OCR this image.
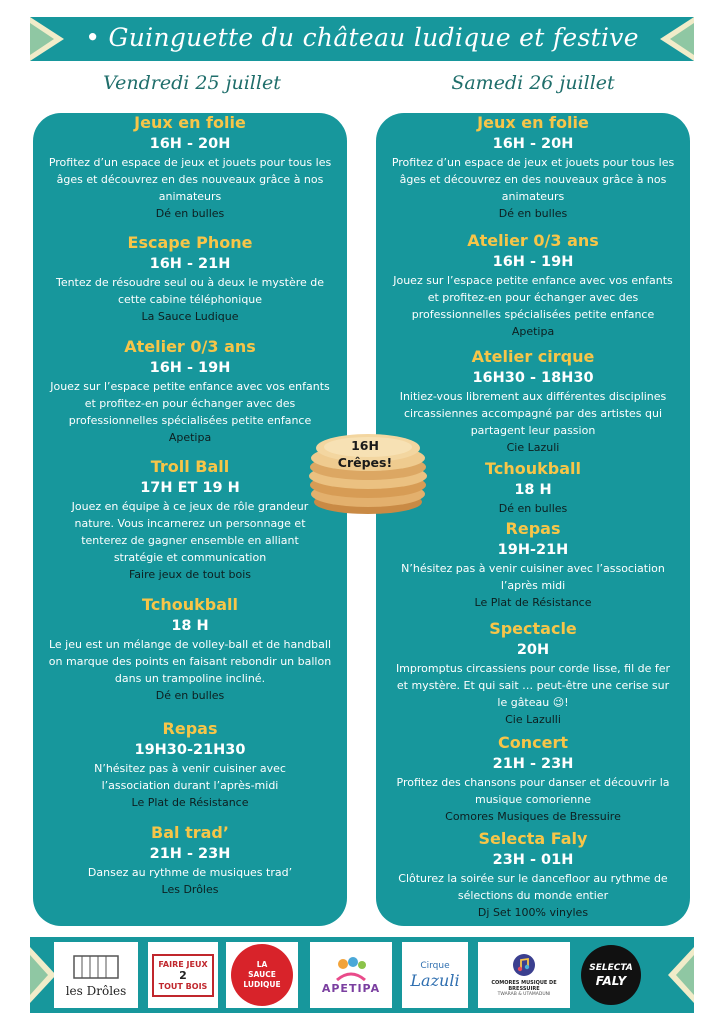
• Guinguette du château ludique et festive
Vendredi 25 juillet	Samedi 26 juillet
Jeux en folie
16H - 20H
Profitez d’un espace de jeux et jouets pour tous les âges et découvrez en des nouveaux grâce à nos animateurs
Dé en bulles
Escape Phone
16H - 21H
Tentez de résoudre seul ou à deux le mystère de cette cabine téléphonique
La Sauce Ludique
Atelier 0/3 ans
16H - 19H
Jouez sur l’espace petite enfance avec vos enfants et profitez-en pour échanger avec des professionnelles spécialisées petite enfance
Apetipa
Troll Ball
17H ET 19 H
Jouez en équipe à ce jeux de rôle grandeur nature. Vous incarnerez un personnage et tenterez de gagner ensemble en alliant stratégie et communication
Faire jeux de tout bois
Tchoukball
18 H
Le jeu est un mélange de volley-ball et de handball on marque des points en faisant rebondir un ballon dans un trampoline incliné.
Dé en bulles
Repas
19H30-21H30
N’hésitez pas à venir cuisiner avec l’association durant l’après-midi
Le Plat de Résistance
Bal trad’
21H - 23H
Dansez au rythme de musiques trad’
Les Drôles
Jeux en folie
16H - 20H
Profitez d’un espace de jeux et jouets pour tous les âges et découvrez en des nouveaux grâce à nos animateurs
Dé en bulles
Atelier 0/3 ans
16H - 19H
Jouez sur l’espace petite enfance avec vos enfants et profitez-en pour échanger avec des professionnelles spécialisées petite enfance
Apetipa
Atelier cirque
16H30 - 18H30
Initiez-vous librement aux différentes disciplines circassiennes accompagné par des artistes qui partagent leur passion
Cie Lazuli
Tchoukball
18 H
Dé en bulles
Repas
19H-21H
N’hésitez pas à venir cuisiner avec l’association l’après midi
Le Plat de Résistance
Spectacle
20H
Impromptus circassiens pour corde lisse, fil de fer et mystère. Et qui sait … peut-être une cerise sur le gâteau 😉!
Cie Lazulli
Concert
21H - 23H
Profitez des chansons pour danser et découvrir la musique comorienne
Comores Musiques de Bressuire
Selecta Faly
23H - 01H
Clôturez la soirée sur le dancefloor au rythme de sélections du monde entier
Dj Set 100% vinyles
16H
Crêpes!
les Drôles
FAIRE JEUX
2
TOUT BOIS
LA
SAUCE
LUDIQUE	APETIPA
Cirque
Lazuli	COMORES MUSIQUE DE BRESSUIRE
TWARAB & UTAMADUNI
SELECTA
FALY
